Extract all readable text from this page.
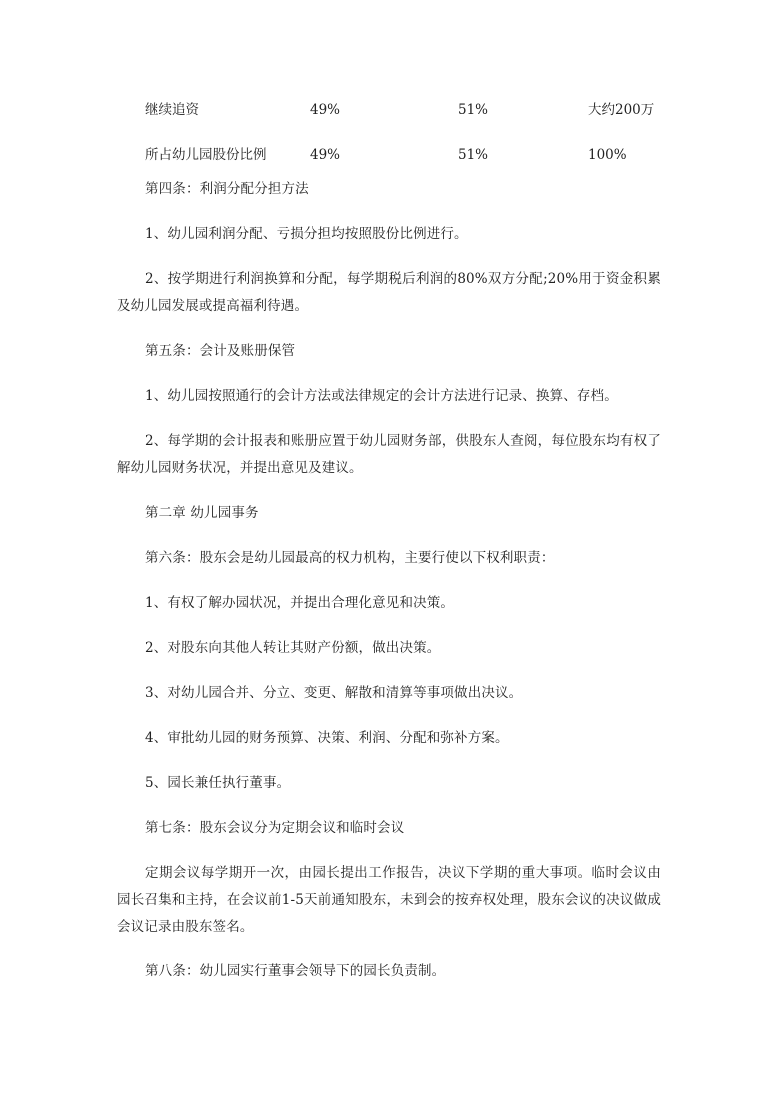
继续追资	49%	51%	大约200万
所占幼儿园股份比例	49%	51%	100%

第四条：利润分配分担方法

1、幼儿园利润分配、亏损分担均按照股份比例进行。

2、按学期进行利润换算和分配，每学期税后利润的80%双方分配;20%用于资金积累及幼儿园发展或提高福利待遇。

第五条：会计及账册保管

1、幼儿园按照通行的会计方法或法律规定的会计方法进行记录、换算、存档。

2、每学期的会计报表和账册应置于幼儿园财务部，供股东人查阅，每位股东均有权了解幼儿园财务状况，并提出意见及建议。

第二章 幼儿园事务

第六条：股东会是幼儿园最高的权力机构，主要行使以下权利职责：

1、有权了解办园状况，并提出合理化意见和决策。

2、对股东向其他人转让其财产份额，做出决策。

3、对幼儿园合并、分立、变更、解散和清算等事项做出决议。

4、审批幼儿园的财务预算、决策、利润、分配和弥补方案。

5、园长兼任执行董事。

第七条：股东会议分为定期会议和临时会议

定期会议每学期开一次，由园长提出工作报告，决议下学期的重大事项。临时会议由园长召集和主持，在会议前1-5天前通知股东，未到会的按弃权处理，股东会议的决议做成会议记录由股东签名。

第八条：幼儿园实行董事会领导下的园长负责制。
